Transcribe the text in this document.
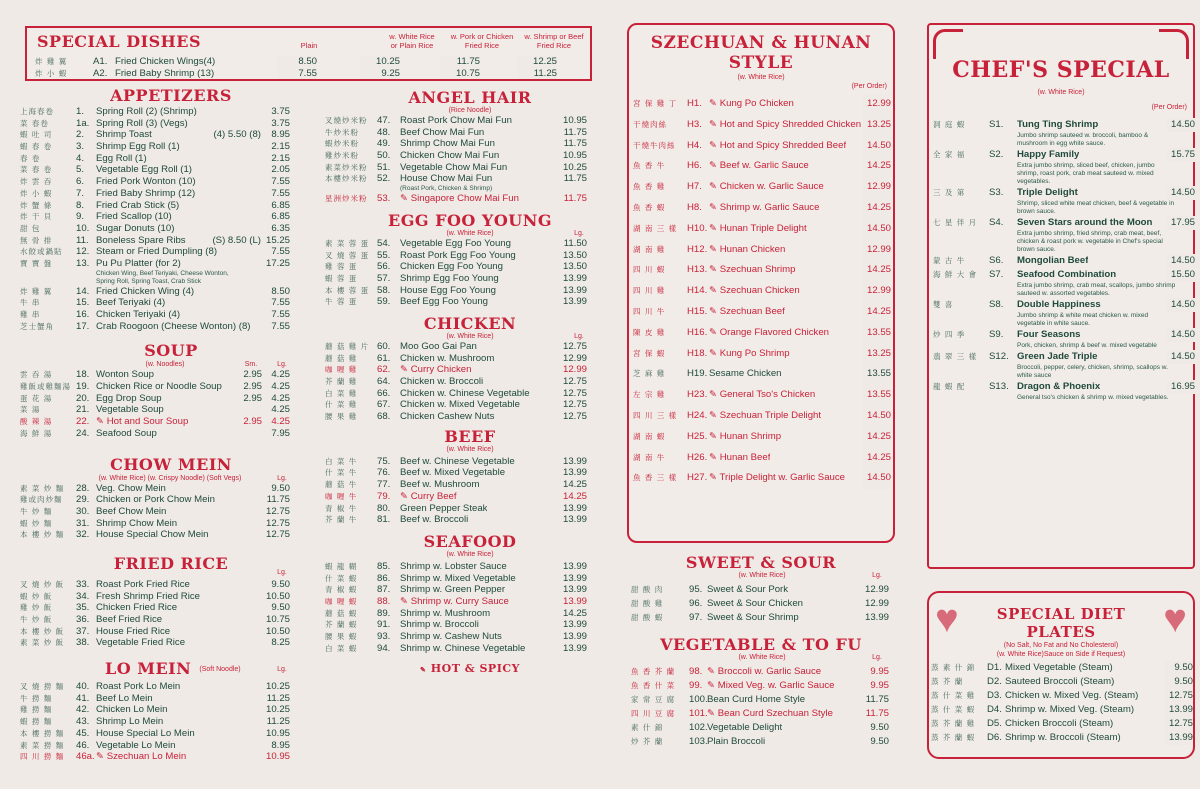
SPECIAL DISHES	Plain
w. White Rice
or Plain Rice
w. Pork or Chicken
Fried Rice
w. Shrimp or Beef
Fried Rice
炸 雞 翼	A1. Fried Chicken Wings(4)	8.50	10.25	11.75	12.25
炸 小 蝦	A2. Fried Baby Shrimp (13)	7.55	9.25	10.75	11.25
APPETIZERS
上海春卷	1. Spring Roll (2) (Shrimp)	3.75
菜 春卷	1a. Spring Roll (3) (Vegs)	3.75
蝦 吐 司	2. Shrimp Toast	(4) 5.50 (8)	8.95
蝦 春 卷	3. Shrimp Egg Roll (1)	2.15
春 卷	4. Egg Roll (1)	2.15
菜 春 卷	5. Vegetable Egg Roll (1)	2.05
炸 雲 吞	6. Fried Pork Wonton (10)	7.55
炸 小 蝦	7. Fried Baby Shrimp (12)	7.55
炸 蟹 條	8. Fried Crab Stick (5)	6.85
炸 干 貝	9. Fried Scallop (10)	6.85
甜 包	10. Sugar Donuts (10)	6.35
無 骨 排	11. Boneless Spare Ribs	(S) 8.50 (L) 15.25
水餃或鍋貼	12. Steam or Fried Dumpling (8)	7.55
寶 寶 盤	13. Pu Pu Platter (for 2)	17.25
Chicken Wing, Beef Teriyaki, Cheese Wonton, Spring Roll, Spring Toast, Crab Stick
炸 雞 翼	14. Fried Chicken Wing (4)	8.50
牛 串	15. Beef Teriyaki (4)	7.55
雞 串	16. Chicken Teriyaki (4)	7.55
芝士蟹角	17. Crab Roogoon (Cheese Wonton) (8)	7.55
SOUP
(w. Noodles)	Sm.	Lg.
雲 吞 湯	18. Wonton Soup	2.95 4.25
雞飯或雞麵湯 19. Chicken Rice or Noodle Soup	2.95 4.25
蛋 花 湯	20. Egg Drop Soup	2.95 4.25
菜 湯	21. Vegetable Soup	4.25
酸 辣 湯	22. ✎ Hot and Sour Soup	2.95 4.25
海 鮮 湯	24. Seafood Soup	7.95
CHOW MEIN
(w. White Rice) (w. Crispy Noodle) (Soft Vegs)	Lg.
素 菜 炒 麵	28. Veg. Chow Mein	9.50
雞或肉炒麵	29. Chicken or Pork Chow Mein	11.75
牛 炒 麵	30. Beef Chow Mein	12.75
蝦 炒 麵	31. Shrimp Chow Mein	12.75
本 樓 炒 麵	32. House Special Chow Mein	12.75
FRIED RICE	Lg.
叉 燒 炒 飯	33. Roast Pork Fried Rice	9.50
蝦 炒 飯	34. Fresh Shrimp Fried Rice	10.50
雞 炒 飯	35. Chicken Fried Rice	9.50
牛 炒 飯	36. Beef Fried Rice	10.75
本 樓 炒 飯	37. House Fried Rice	10.50
素 菜 炒 飯	38. Vegetable Fried Rice	8.25
LO MEIN	(Soft Noodle)	Lg.
叉 燒 撈 麵	40. Roast Pork Lo Mein	10.25
牛 撈 麵	41. Beef Lo Mein	11.25
雞 撈 麵	42. Chicken Lo Mein	10.25
蝦 撈 麵	43. Shrimp Lo Mein	11.25
本 樓 撈 麵	45. House Special Lo Mein	10.95
素 菜 撈 麵	46. Vegetable Lo Mein	8.95
四 川 撈 麵	46a. ✎ Szechuan Lo Mein	10.95
ANGEL HAIR
(Rice Noodle)
叉燒炒米粉 47. Roast Pork Chow Mai Fun	10.95
牛炒米粉	48. Beef Chow Mai Fun	11.75
蝦炒米粉	49. Shrimp Chow Mai Fun	11.75
雞炒米粉	50. Chicken Chow Mai Fun	10.95
素菜炒米粉 51. Vegetable Chow Mai Fun	10.25
本樓炒米粉 52. House Chow Mai Fun	11.75
(Roast Pork, Chicken & Shrimp)
星洲炒米粉 53. ✎ Singapore Chow Mai Fun	11.75
EGG FOO YOUNG
(w. White Rice)	Lg.
素 菜 蓉 蛋 54. Vegetable Egg Foo Young	11.50
叉 燒 蓉 蛋 55. Roast Pork Egg Foo Young	13.50
雞 蓉 蛋	56. Chicken Egg Foo Young	13.50
蝦 蓉 蛋	57. Shrimp Egg Foo Young	13.99
本 樓 蓉 蛋 58. House Egg Foo Young	13.99
牛 蓉 蛋	59. Beef Egg Foo Young	13.99
CHICKEN
(w. White Rice)	Lg.
蘑 菇 雞 片 60. Moo Goo Gai Pan	12.75
蘑 菇 雞	61. Chicken w. Mushroom	12.99
咖 喱 雞	62. ✎ Curry Chicken	12.99
芥 蘭 雞	64. Chicken w. Broccoli	12.75
白 菜 雞	66. Chicken w. Chinese Vegetable	12.75
什 菜 雞	67. Chicken w. Mixed Vegetable	12.75
腰 果 雞	68. Chicken Cashew Nuts	12.75
BEEF
(w. White Rice)
白 菜 牛	75. Beef w. Chinese Vegetable	13.99
什 菜 牛	76. Beef w. Mixed Vegetable	13.99
蘑 菇 牛	77. Beef w. Mushroom	14.25
咖 喱 牛	79. ✎ Curry Beef	14.25
青 椒 牛	80. Green Pepper Steak	13.99
芥 蘭 牛	81. Beef w. Broccoli	13.99
SEAFOOD
(w. White Rice)
蝦 龍 糊	85. Shrimp w. Lobster Sauce	13.99
什 菜 蝦	86. Shrimp w. Mixed Vegetable	13.99
青 椒 蝦	87. Shrimp w. Green Pepper	13.99
咖 喱 蝦	88. ✎ Shrimp w. Curry Sauce	13.99
蘑 菇 蝦	89. Shrimp w. Mushroom	14.25
芥 蘭 蝦	91. Shrimp w. Broccoli	13.99
腰 果 蝦	93. Shrimp w. Cashew Nuts	13.99
白 菜 蝦	94. Shrimp w. Chinese Vegetable	13.99
✎ HOT & SPICY
SZECHUAN & HUNAN
STYLE
(w. White Rice)
(Per Order)
宮 保 雞 丁	H1. ✎ Kung Po Chicken	12.99
干燒肉絲	H3. ✎ Hot and Spicy Shredded Chicken 13.25
干燒牛肉絲	H4. ✎ Hot and Spicy Shredded Beef	14.50
魚 香 牛	H6. ✎ Beef w. Garlic Sauce	14.25
魚 香 雞	H7. ✎ Chicken w. Garlic Sauce	12.99
魚 香 蝦	H8. ✎ Shrimp w. Garlic Sauce	14.25
湖 南 三 樣	H10. ✎ Hunan Triple Delight	14.50
湖 南 雞	H12. ✎ Hunan Chicken	12.99
四 川 蝦	H13. ✎ Szechuan Shrimp	14.25
四 川 雞	H14. ✎ Szechuan Chicken	12.99
四 川 牛	H15. ✎ Szechuan Beef	14.25
陳 皮 雞	H16. ✎ Orange Flavored Chicken	13.55
宮 保 蝦	H18. ✎ Kung Po Shrimp	13.25
芝 麻 雞	H19. Sesame Chicken	13.55
左 宗 雞	H23. ✎ General Tso's Chicken	13.55
四 川 三 樣	H24. ✎ Szechuan Triple Delight	14.50
湖 南 蝦	H25. ✎ Hunan Shrimp	14.25
湖 南 牛	H26. ✎ Hunan Beef	14.25
魚 香 三 樣	H27. ✎ Triple Delight w. Garlic Sauce	14.50
SWEET & SOUR
(w. White Rice)	Lg.
甜 酸 肉	95. Sweet & Sour Pork	12.99
甜 酸 雞	96. Sweet & Sour Chicken	12.99
甜 酸 蝦	97. Sweet & Sour Shrimp	13.99
VEGETABLE & TO FU
(w. White Rice)	Lg.
魚 香 芥 蘭	98. ✎ Broccoli w. Garlic Sauce	9.95
魚 香 什 菜	99. ✎ Mixed Veg. w. Garlic Sauce	9.95
家 常 豆 腐	100. Bean Curd Home Style	11.75
四 川 豆 腐	101. ✎ Bean Curd Szechuan Style	11.75
素 什 錦	102. Vegetable Delight	9.50
炒 芥 蘭	103. Plain Broccoli	9.50
CHEF'S SPECIAL
(w. White Rice)
(Per Order)
洞 庭 蝦	S1. Tung Ting Shrimp	14.50
Jumbo shrimp sauteed w. broccoli, bamboo & mushroom in egg white sauce.
全 家 福	S2. Happy Family	15.75
Extra jumbo shrimp, sliced beef, chicken, jumbo shrimp, roast pork, crab meat sauteed w. mixed vegetables.
三 及 第	S3. Triple Delight	14.50
Shrimp, sliced white meat chicken, beef & vegetable in brown sauce.
七 星 伴 月	S4. Seven Stars around the Moon	17.95
Extra jumbo shrimp, fried shrimp, crab meat, beef, chicken & roast pork w. vegetable in Chef's special brown sauce.
蒙 古 牛	S6. Mongolian Beef	14.50
海 鮮 大 會	S7. Seafood Combination	15.50
Extra jumbo shrimp, crab meat, scallops, jumbo shrimp sauteed w. assorted vegetables.
雙 喜	S8. Double Happiness	14.50
Jumbo shrimp & white meat chicken w. mixed vegetable in white sauce.
炒 四 季	S9. Four Seasons	14.50
Pork, chicken, shrimp & beef w. mixed vegetable
翡 翠 三 樣	S12. Green Jade Triple	14.50
Broccoli, pepper, celery, chicken, shrimp, scallops w. white sauce
龍 蝦 配	S13. Dragon & Phoenix	16.95
General tso's chicken & shrimp w. mixed vegetables.
♥	♥
SPECIAL DIET
PLATES
(No Salt, No Fat and No Cholesterol)
(w. White Rice)Sauce on Side if Request)
蒸 素 什 錦	D1. Mixed Vegetable (Steam)	9.50
蒸 芥 蘭	D2. Sauteed Broccoli (Steam)	9.50
蒸 什 菜 雞	D3. Chicken w. Mixed Veg. (Steam)	12.75
蒸 什 菜 蝦	D4. Shrimp w. Mixed Veg. (Steam)	13.99
蒸 芥 蘭 雞	D5. Chicken Broccoli (Steam)	12.75
蒸 芥 蘭 蝦	D6. Shrimp w. Broccoli (Steam)	13.99
